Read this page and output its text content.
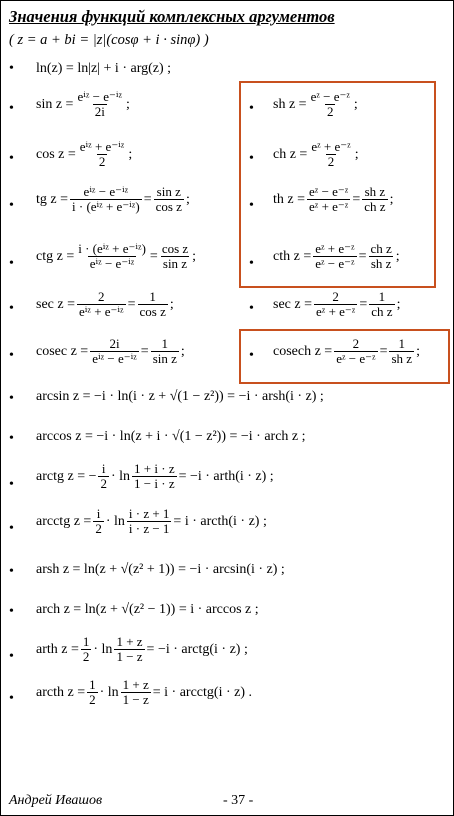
Значения функций комплексных аргументов
( z = a + bi = |z|(cosφ + i · sinφ) )
• ln(z) = ln|z| + i · arg(z) ;
• sin z = eⁱᶻ − e⁻ⁱᶻ
2i ;
• cos z = eⁱᶻ + e⁻ⁱᶻ
2 ;
• tg z = eⁱᶻ − e⁻ⁱᶻ
i · (eⁱᶻ + e⁻ⁱᶻ) = $\frac{\text{sin z}}{\text{cos z}}$ ;
• ctg z = i · (eⁱᶻ + e⁻ⁱᶻ)
eⁱᶻ − e⁻ⁱᶻ = $\frac{\text{cos z}}{\text{sin z}}$ ;
• sec z = 2
eⁱᶻ + e⁻ⁱᶻ = $\frac{1}{\text{cos z}}$ ;
• cosec z = 2i
eⁱᶻ − e⁻ⁱᶻ = $\frac{1}{\text{sin z}}$ ;
• arcsin z = −i · ln(i · z + √(1 − z²)) = −i · arsh(i · z) ;
• arccos z = −i · ln(z + i · √(1 − z²)) = −i · arch z ;
•
arctg z = − $\frac{i}{2} \cdot \ln \frac{1 + i \cdot z}{1 - i \cdot z} = -i$ · arth(i · z) ;
• arcctg $z = \frac{i}{2} \cdot \ln \frac{i \cdot z + 1}{i \cdot z - 1} = i$ · arcth(i · z) ;
• arsh z = ln(z + √(z² + 1)) = −i · arcsin(i · z) ;
• arch z = ln(z + √(z² − 1)) = i · arccos z ;
• arth $z = \frac{1}{2} \cdot \ln \frac{1 + z}{1 - z} = -i$ · arctg(i · z) ;
• arcth $z = \frac{1}{2} \cdot \ln \frac{1 + z}{1 - z} = i$ · arcctg(i · z) .
• sh $z = \frac{\text{eᶻ − e⁻ᶻ}}{2}$ ;
• ch $z = \frac{\text{eᶻ + e⁻ᶻ}}{2}$ ;
• th $z = \frac{\text{eᶻ − e⁻ᶻ}}{\text{eᶻ + e⁻ᶻ}} = \frac{\text{sh z}}{\text{ch z}}$ ;
• cth $z = \frac{\text{eᶻ + e⁻ᶻ}}{\text{eᶻ − e⁻ᶻ}} = \frac{\text{ch z}}{\text{sh z}}$ ;
• $\sec z = \frac{2}{\text{eᶻ + e⁻ᶻ}} = \frac{1}{\text{ch z}}$ ;
• cosech $z = \frac{2}{\text{eᶻ − e⁻ᶻ}} = \frac{1}{\text{sh z}}$ ;
Андрей Ивашов	- 37 -
